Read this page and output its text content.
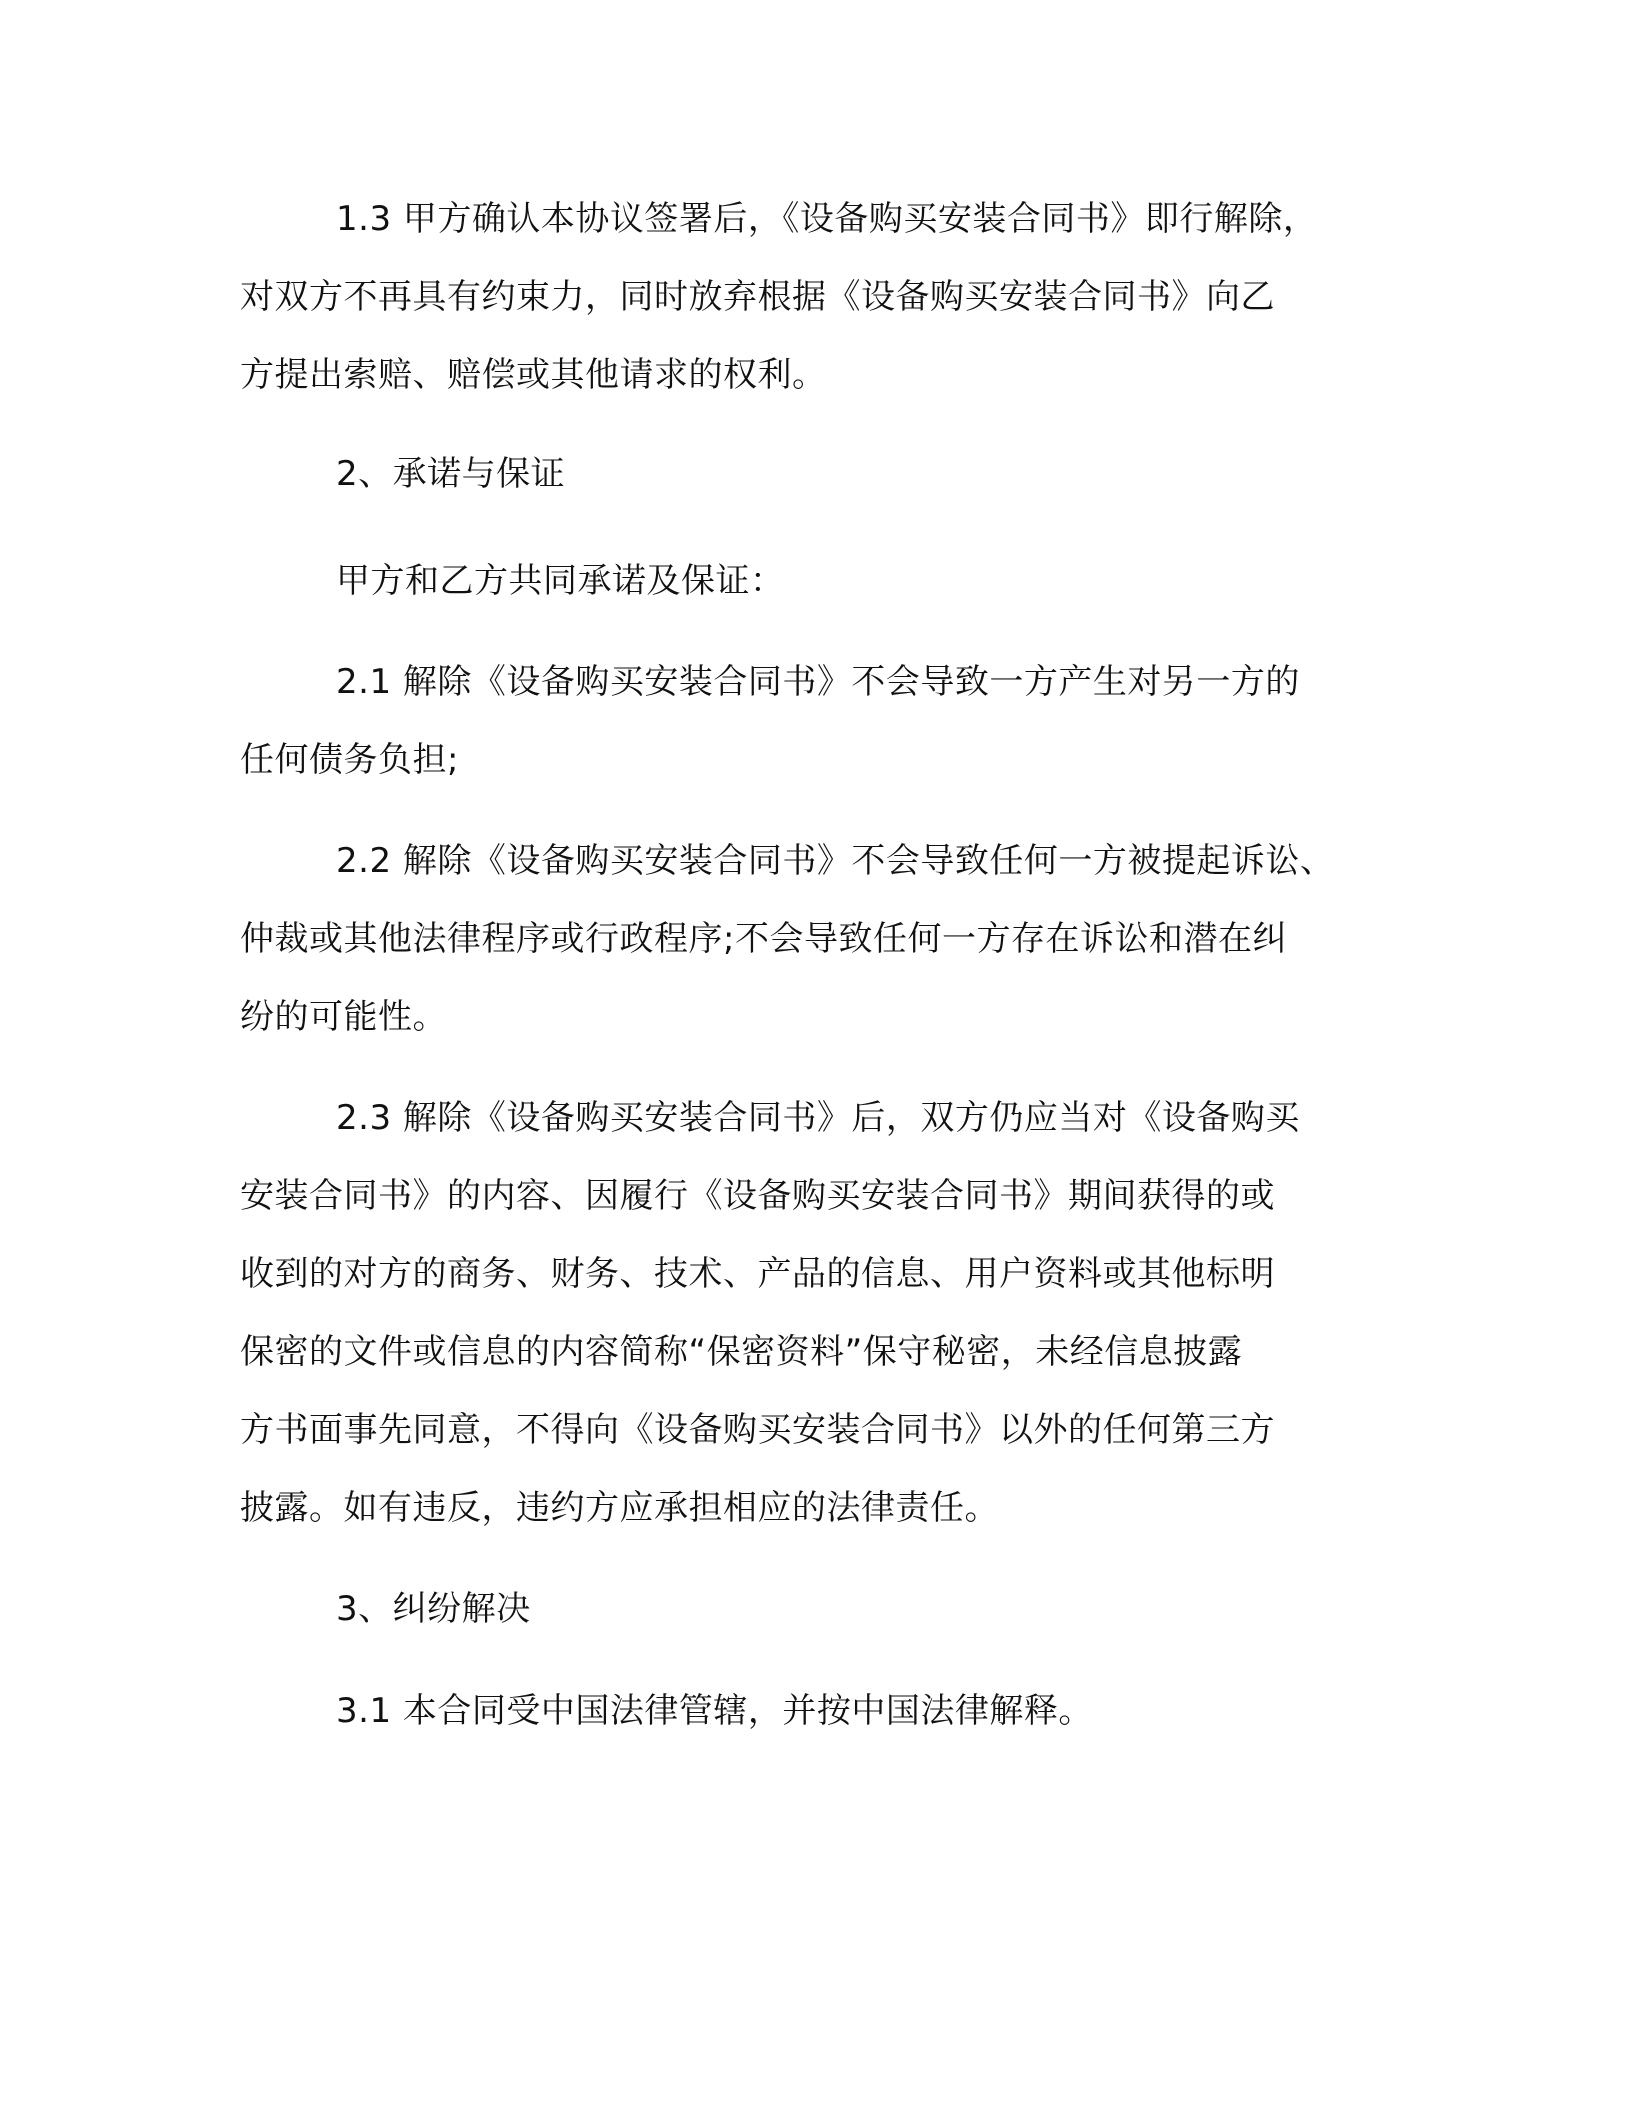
1.3 甲方确认本协议签署后，《设备购买安装合同书》即行解除，
对双方不再具有约束力，同时放弃根据《设备购买安装合同书》向乙
方提出索赔、赔偿或其他请求的权利。
2、承诺与保证
甲方和乙方共同承诺及保证：
2.1 解除《设备购买安装合同书》不会导致一方产生对另一方的
任何债务负担;
2.2 解除《设备购买安装合同书》不会导致任何一方被提起诉讼、
仲裁或其他法律程序或行政程序;不会导致任何一方存在诉讼和潜在纠
纷的可能性。
2.3 解除《设备购买安装合同书》后，双方仍应当对《设备购买
安装合同书》的内容、因履行《设备购买安装合同书》期间获得的或
收到的对方的商务、财务、技术、产品的信息、用户资料或其他标明
保密的文件或信息的内容简称“保密资料”保守秘密，未经信息披露
方书面事先同意，不得向《设备购买安装合同书》以外的任何第三方
披露。如有违反，违约方应承担相应的法律责任。
3、纠纷解决
3.1 本合同受中国法律管辖，并按中国法律解释。
